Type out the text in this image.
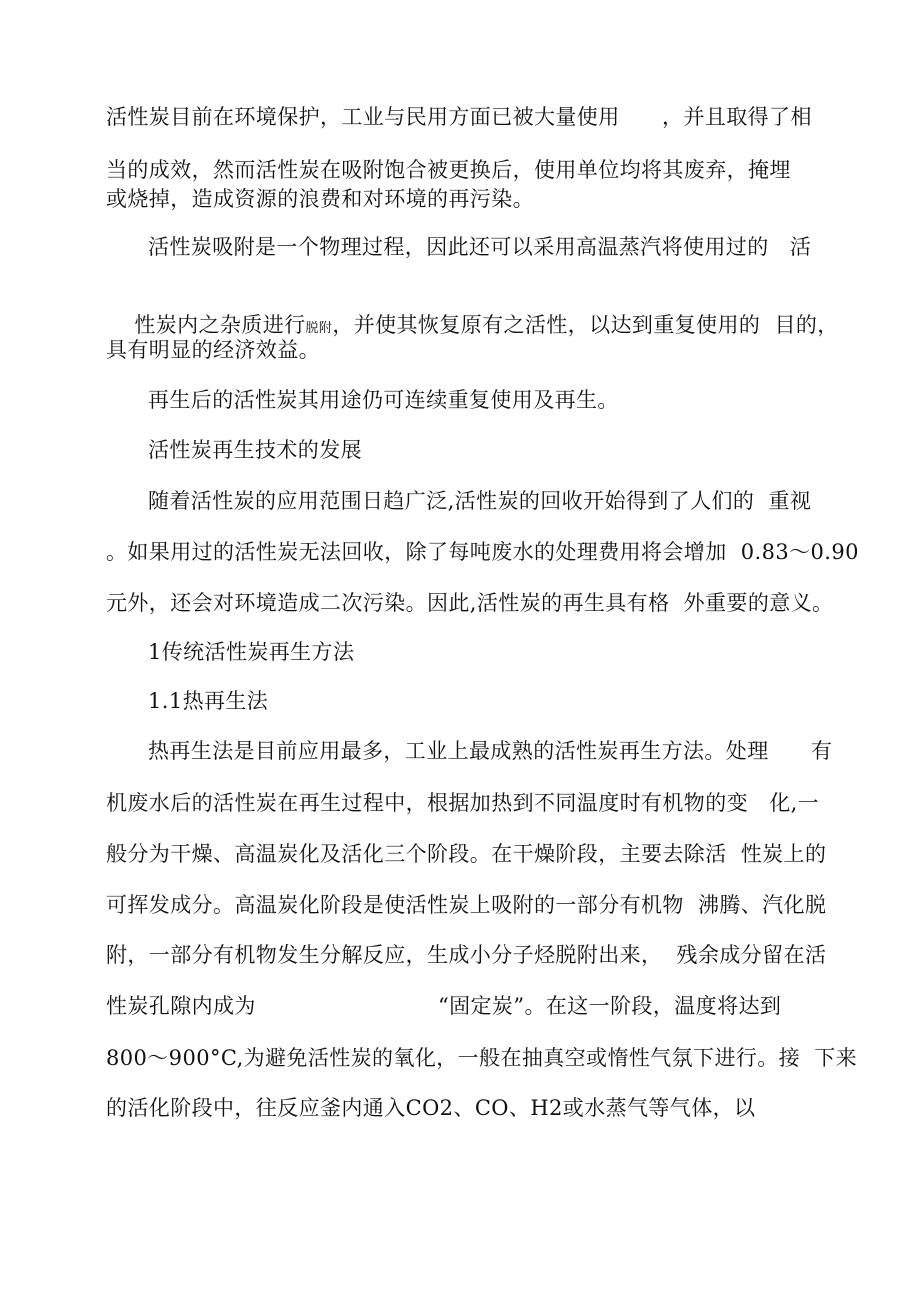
活性炭目前在环境保护，工业与民用方面已被大量使用      ，并且取得了相
当的成效，然而活性炭在吸附饱合被更换后，使用单位均将其废弃，掩埋
或烧掉，造成资源的浪费和对环境的再污染。
活性炭吸附是一个物理过程，因此还可以采用高温蒸汽将使用过的   活

性炭内之杂质进行脱附，并使其恢复原有之活性，以达到重复使用的  目的，

具有明显的经济效益。
再生后的活性炭其用途仍可连续重复使用及再生。
活性炭再生技术的发展
随着活性炭的应用范围日趋广泛,活性炭的回收开始得到了人们的  重视
。如果用过的活性炭无法回收，除了每吨废水的处理费用将会增加  0.83～0.90
元外，还会对环境造成二次污染。因此,活性炭的再生具有格  外重要的意义。
1传统活性炭再生方法
1.1热再生法
热再生法是目前应用最多，工业上最成熟的活性炭再生方法。处理      有
机废水后的活性炭在再生过程中，根据加热到不同温度时有机物的变   化,一
般分为干燥、高温炭化及活化三个阶段。在干燥阶段，主要去除活  性炭上的
可挥发成分。高温炭化阶段是使活性炭上吸附的一部分有机物  沸腾、汽化脱
附，一部分有机物发生分解反应，生成小分子烃脱附出来，  残余成分留在活
性炭孔隙内成为	“固定炭”。在这一阶段，温度将达到
800～900°C,为避免活性炭的氧化，一般在抽真空或惰性气氛下进行。接  下来
的活化阶段中，往反应釜内通入CO2、CO、H2或水蒸气等气体，以
